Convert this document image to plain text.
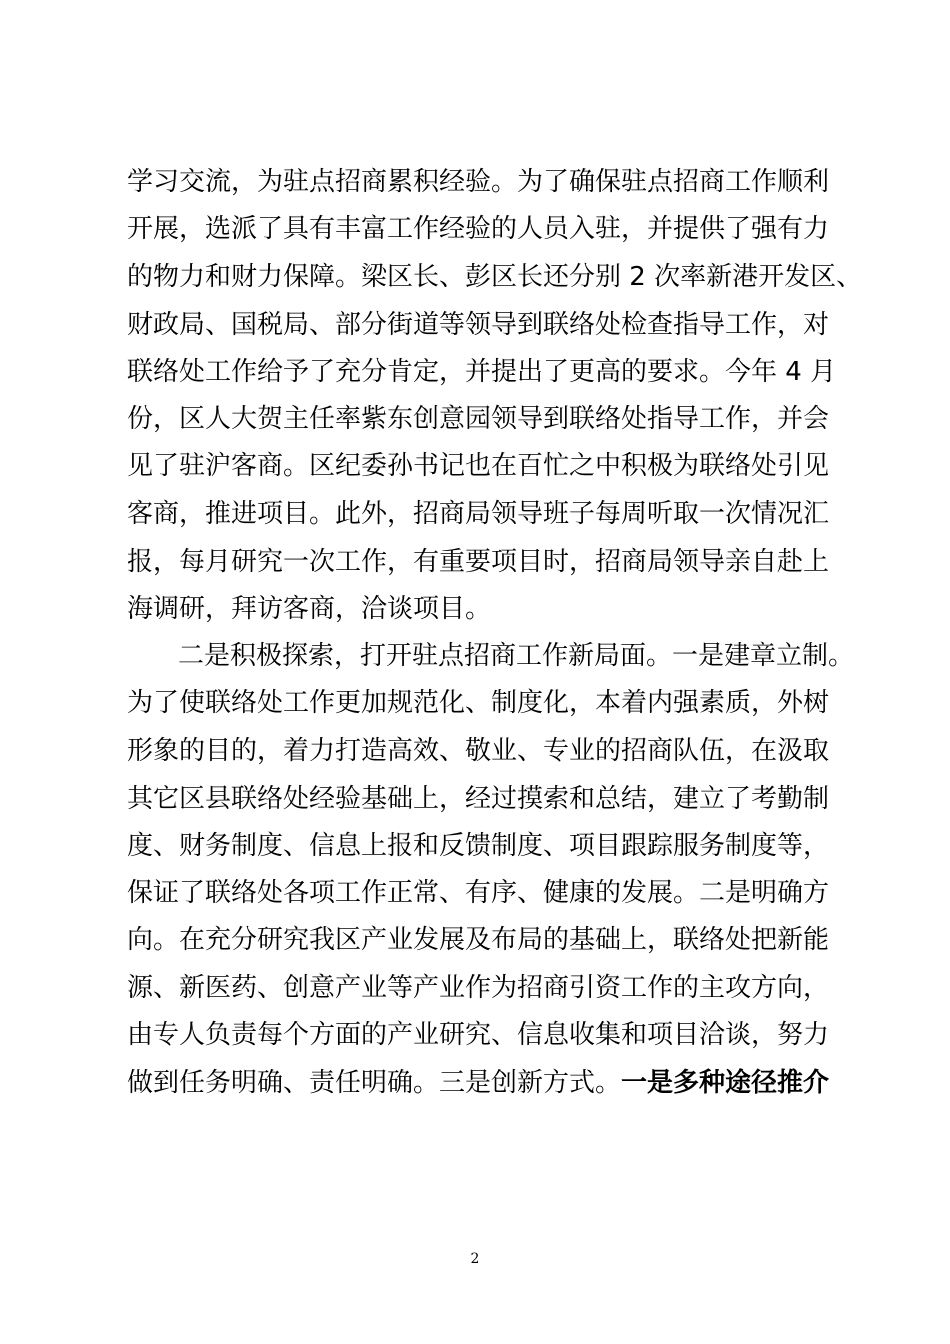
学习交流，为驻点招商累积经验。为了确保驻点招商工作顺利
开展，选派了具有丰富工作经验的人员入驻，并提供了强有力
的物力和财力保障。梁区长、彭区长还分别 2 次率新港开发区、
财政局、国税局、部分街道等领导到联络处检查指导工作，对
联络处工作给予了充分肯定，并提出了更高的要求。今年 4 月
份，区人大贺主任率紫东创意园领导到联络处指导工作，并会
见了驻沪客商。区纪委孙书记也在百忙之中积极为联络处引见
客商，推进项目。此外，招商局领导班子每周听取一次情况汇
报，每月研究一次工作，有重要项目时，招商局领导亲自赴上
海调研，拜访客商，洽谈项目。
二是积极探索，打开驻点招商工作新局面。一是建章立制。
为了使联络处工作更加规范化、制度化，本着内强素质，外树
形象的目的，着力打造高效、敬业、专业的招商队伍，在汲取
其它区县联络处经验基础上，经过摸索和总结，建立了考勤制
度、财务制度、信息上报和反馈制度、项目跟踪服务制度等，
保证了联络处各项工作正常、有序、健康的发展。二是明确方
向。在充分研究我区产业发展及布局的基础上，联络处把新能
源、新医药、创意产业等产业作为招商引资工作的主攻方向，
由专人负责每个方面的产业研究、信息收集和项目洽谈，努力
做到任务明确、责任明确。三是创新方式。一是多种途径推介
2
